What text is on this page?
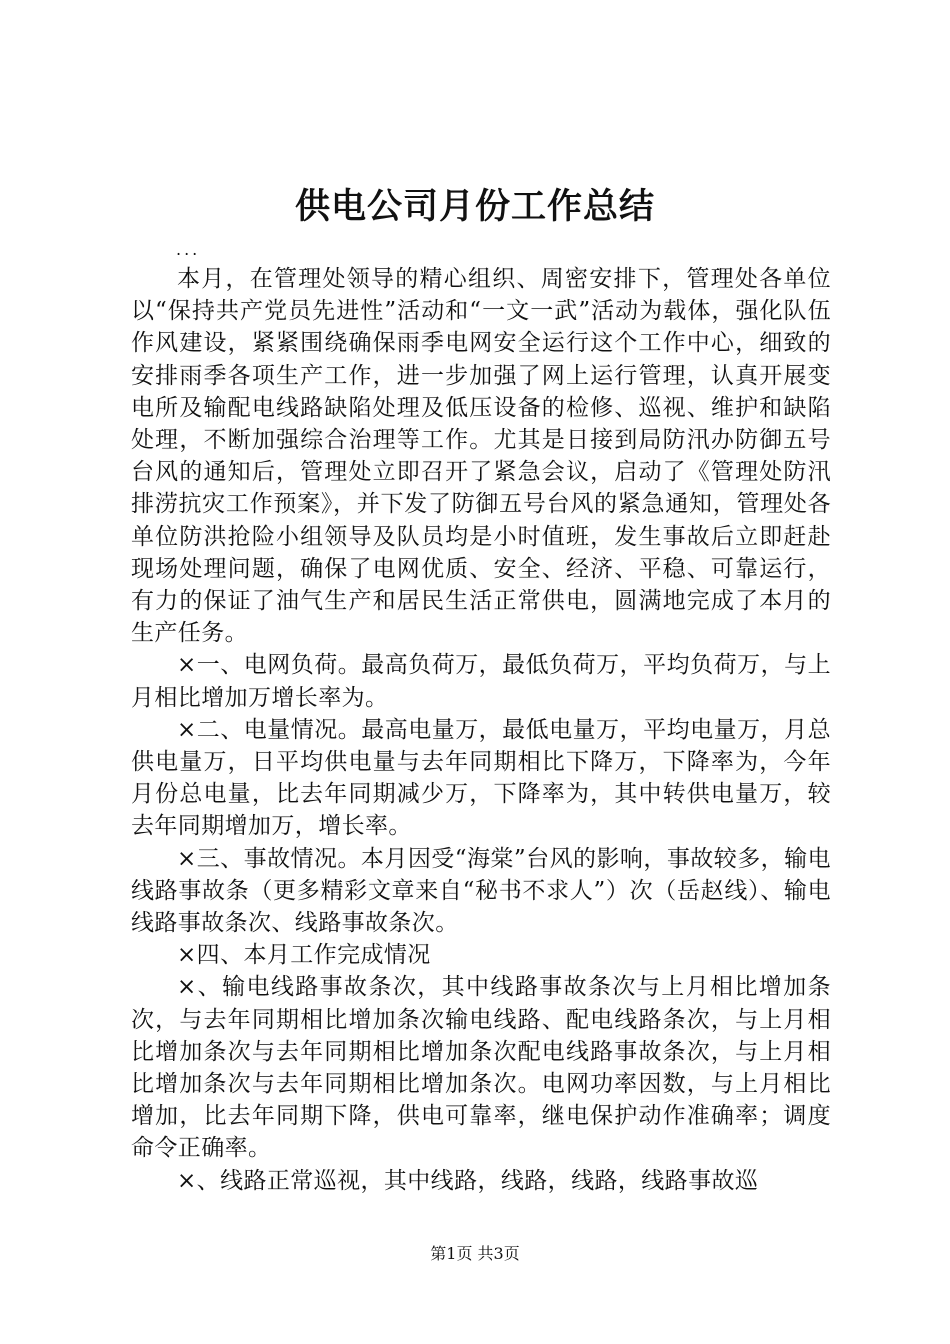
供电公司月份工作总结
...

本月，在管理处领导的精心组织、周密安排下，管理处各单位以“保持共产党员先进性”活动和“一文一武”活动为载体，强化队伍作风建设，紧紧围绕确保雨季电网安全运行这个工作中心，细致的安排雨季各项生产工作，进一步加强了网上运行管理，认真开展变电所及输配电线路缺陷处理及低压设备的检修、巡视、维护和缺陷处理，不断加强综合治理等工作。尤其是日接到局防汛办防御五号台风的通知后，管理处立即召开了紧急会议，启动了《管理处防汛排涝抗灾工作预案》，并下发了防御五号台风的紧急通知，管理处各单位防洪抢险小组领导及队员均是小时值班，发生事故后立即赶赴现场处理问题，确保了电网优质、安全、经济、平稳、可靠运行，有力的保证了油气生产和居民生活正常供电，圆满地完成了本月的生产任务。

×一、电网负荷。最高负荷万，最低负荷万，平均负荷万，与上月相比增加万增长率为。

×二、电量情况。最高电量万，最低电量万，平均电量万，月总供电量万，日平均供电量与去年同期相比下降万，下降率为，今年月份总电量，比去年同期减少万，下降率为，其中转供电量万，较去年同期增加万，增长率。

×三、事故情况。本月因受“海棠”台风的影响，事故较多，输电线路事故条（更多精彩文章来自“秘书不求人”）次（岳赵线）、输电线路事故条次、线路事故条次。

×四、本月工作完成情况

×、输电线路事故条次，其中线路事故条次与上月相比增加条次，与去年同期相比增加条次输电线路、配电线路条次，与上月相比增加条次与去年同期相比增加条次配电线路事故条次，与上月相比增加条次与去年同期相比增加条次。电网功率因数，与上月相比增加，比去年同期下降，供电可靠率，继电保护动作准确率；调度命令正确率。

×、线路正常巡视，其中线路，线路，线路，线路事故巡

第1页 共3页
